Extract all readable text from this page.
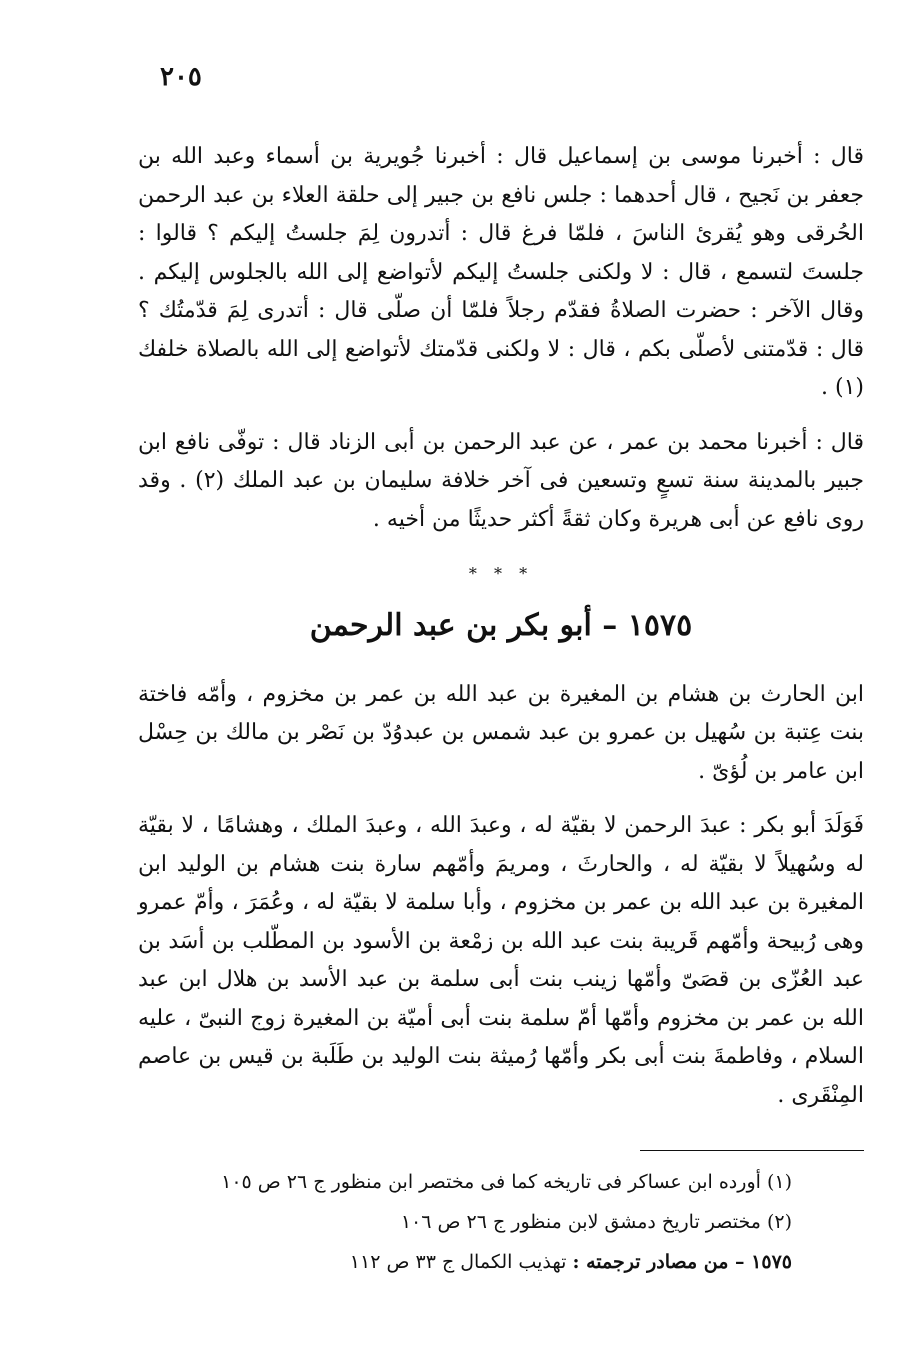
٢٠٥

قال : أخبرنا موسى بن إسماعيل قال : أخبرنا جُويرية بن أسماء وعبد الله بن جعفر بن نَجيح ، قال أحدهما : جلس نافع بن جبير إلى حلقة العلاء بن عبد الرحمن الحُرقى وهو يُقرئ الناسَ ، فلمّا فرغ قال : أتدرون لِمَ جلستُ إليكم ؟ قالوا : جلستَ لتسمع ، قال : لا ولكنى جلستُ إليكم لأتواضع إلى الله بالجلوس إليكم . وقال الآخر : حضرت الصلاةُ فقدّم رجلاً فلمّا أن صلّى قال : أتدرى لِمَ قدّمتُك ؟ قال : قدّمتنى لأصلّى بكم ، قال : لا ولكنى قدّمتك لأتواضع إلى الله بالصلاة خلفك (١) .

قال : أخبرنا محمد بن عمر ، عن عبد الرحمن بن أبى الزناد قال : توفّى نافع ابن جبير بالمدينة سنة تسعٍ وتسعين فى آخر خلافة سليمان بن عبد الملك (٢) . وقد روى نافع عن أبى هريرة وكان ثقةً أكثر حديثًا من أخيه .

* * *
١٥٧٥ – أبو بكر بن عبد الرحمن

ابن الحارث بن هشام بن المغيرة بن عبد الله بن عمر بن مخزوم ، وأمّه فاختة بنت عِتبة بن سُهيل بن عمرو بن عبد شمس بن عبدوُدّ بن نَصْر بن مالك بن حِسْل ابن عامر بن لُؤىّ .

فَوَلَدَ أبو بكر : عبدَ الرحمن لا بقيّة له ، وعبدَ الله ، وعبدَ الملك ، وهشامًا ، لا بقيّة له وسُهيلاً لا بقيّة له ، والحارثَ ، ومريمَ وأمّهم سارة بنت هشام بن الوليد ابن المغيرة بن عبد الله بن عمر بن مخزوم ، وأبا سلمة لا بقيّة له ، وعُمَرَ ، وأمّ عمرو وهى رُبيحة وأمّهم قَريبة بنت عبد الله بن زمْعة بن الأسود بن المطّلب بن أسَد بن عبد العُزّى بن قصَىّ وأمّها زينب بنت أبى سلمة بن عبد الأسد بن هلال ابن عبد الله بن عمر بن مخزوم وأمّها أمّ سلمة بنت أبى أميّة بن المغيرة زوج النبىّ ، عليه السلام ، وفاطمةَ بنت أبى بكر وأمّها رُميثة بنت الوليد بن طَلَبة بن قيس بن عاصم المِنْقَرى .

(١) أورده ابن عساكر فى تاريخه كما فى مختصر ابن منظور ج ٢٦ ص ١٠٥
(٢) مختصر تاريخ دمشق لابن منظور ج ٢٦ ص ١٠٦
١٥٧٥ – من مصادر ترجمته : تهذيب الكمال ج ٣٣ ص ١١٢
